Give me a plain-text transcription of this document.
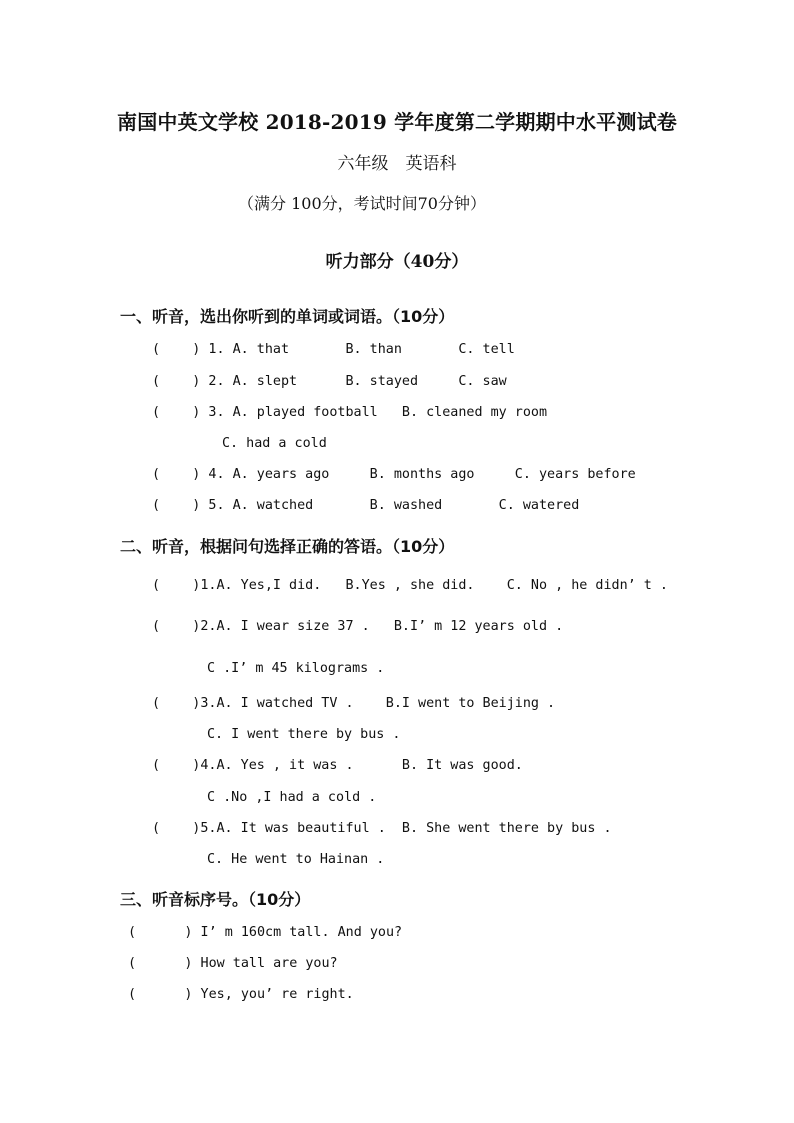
南国中英文学校 2018-2019 学年度第二学期期中水平测试卷
六年级　英语科
（满分 100分，考试时间70分钟）
听力部分（40分）
一、听音，选出你听到的单词或词语。（10分）
(    ) 1. A. that       B. than       C. tell
(    ) 2. A. slept      B. stayed     C. saw
(    ) 3. A. played football   B. cleaned my room
C. had a cold
(    ) 4. A. years ago     B. months ago     C. years before
(    ) 5. A. watched       B. washed       C. watered
二、听音，根据问句选择正确的答语。（10分）
(    )1.A. Yes,I did.   B.Yes , she did.    C. No , he didn’ t .
(    )2.A. I wear size 37 .   B.I’ m 12 years old .
C .I’ m 45 kilograms .
(    )3.A. I watched TV .    B.I went to Beijing .
C. I went there by bus .
(    )4.A. Yes , it was .      B. It was good.
C .No ,I had a cold .
(    )5.A. It was beautiful .  B. She went there by bus .
C. He went to Hainan .
三、听音标序号。（10分）
(      ) I’ m 160cm tall. And you?
(      ) How tall are you?
(      ) Yes, you’ re right.
